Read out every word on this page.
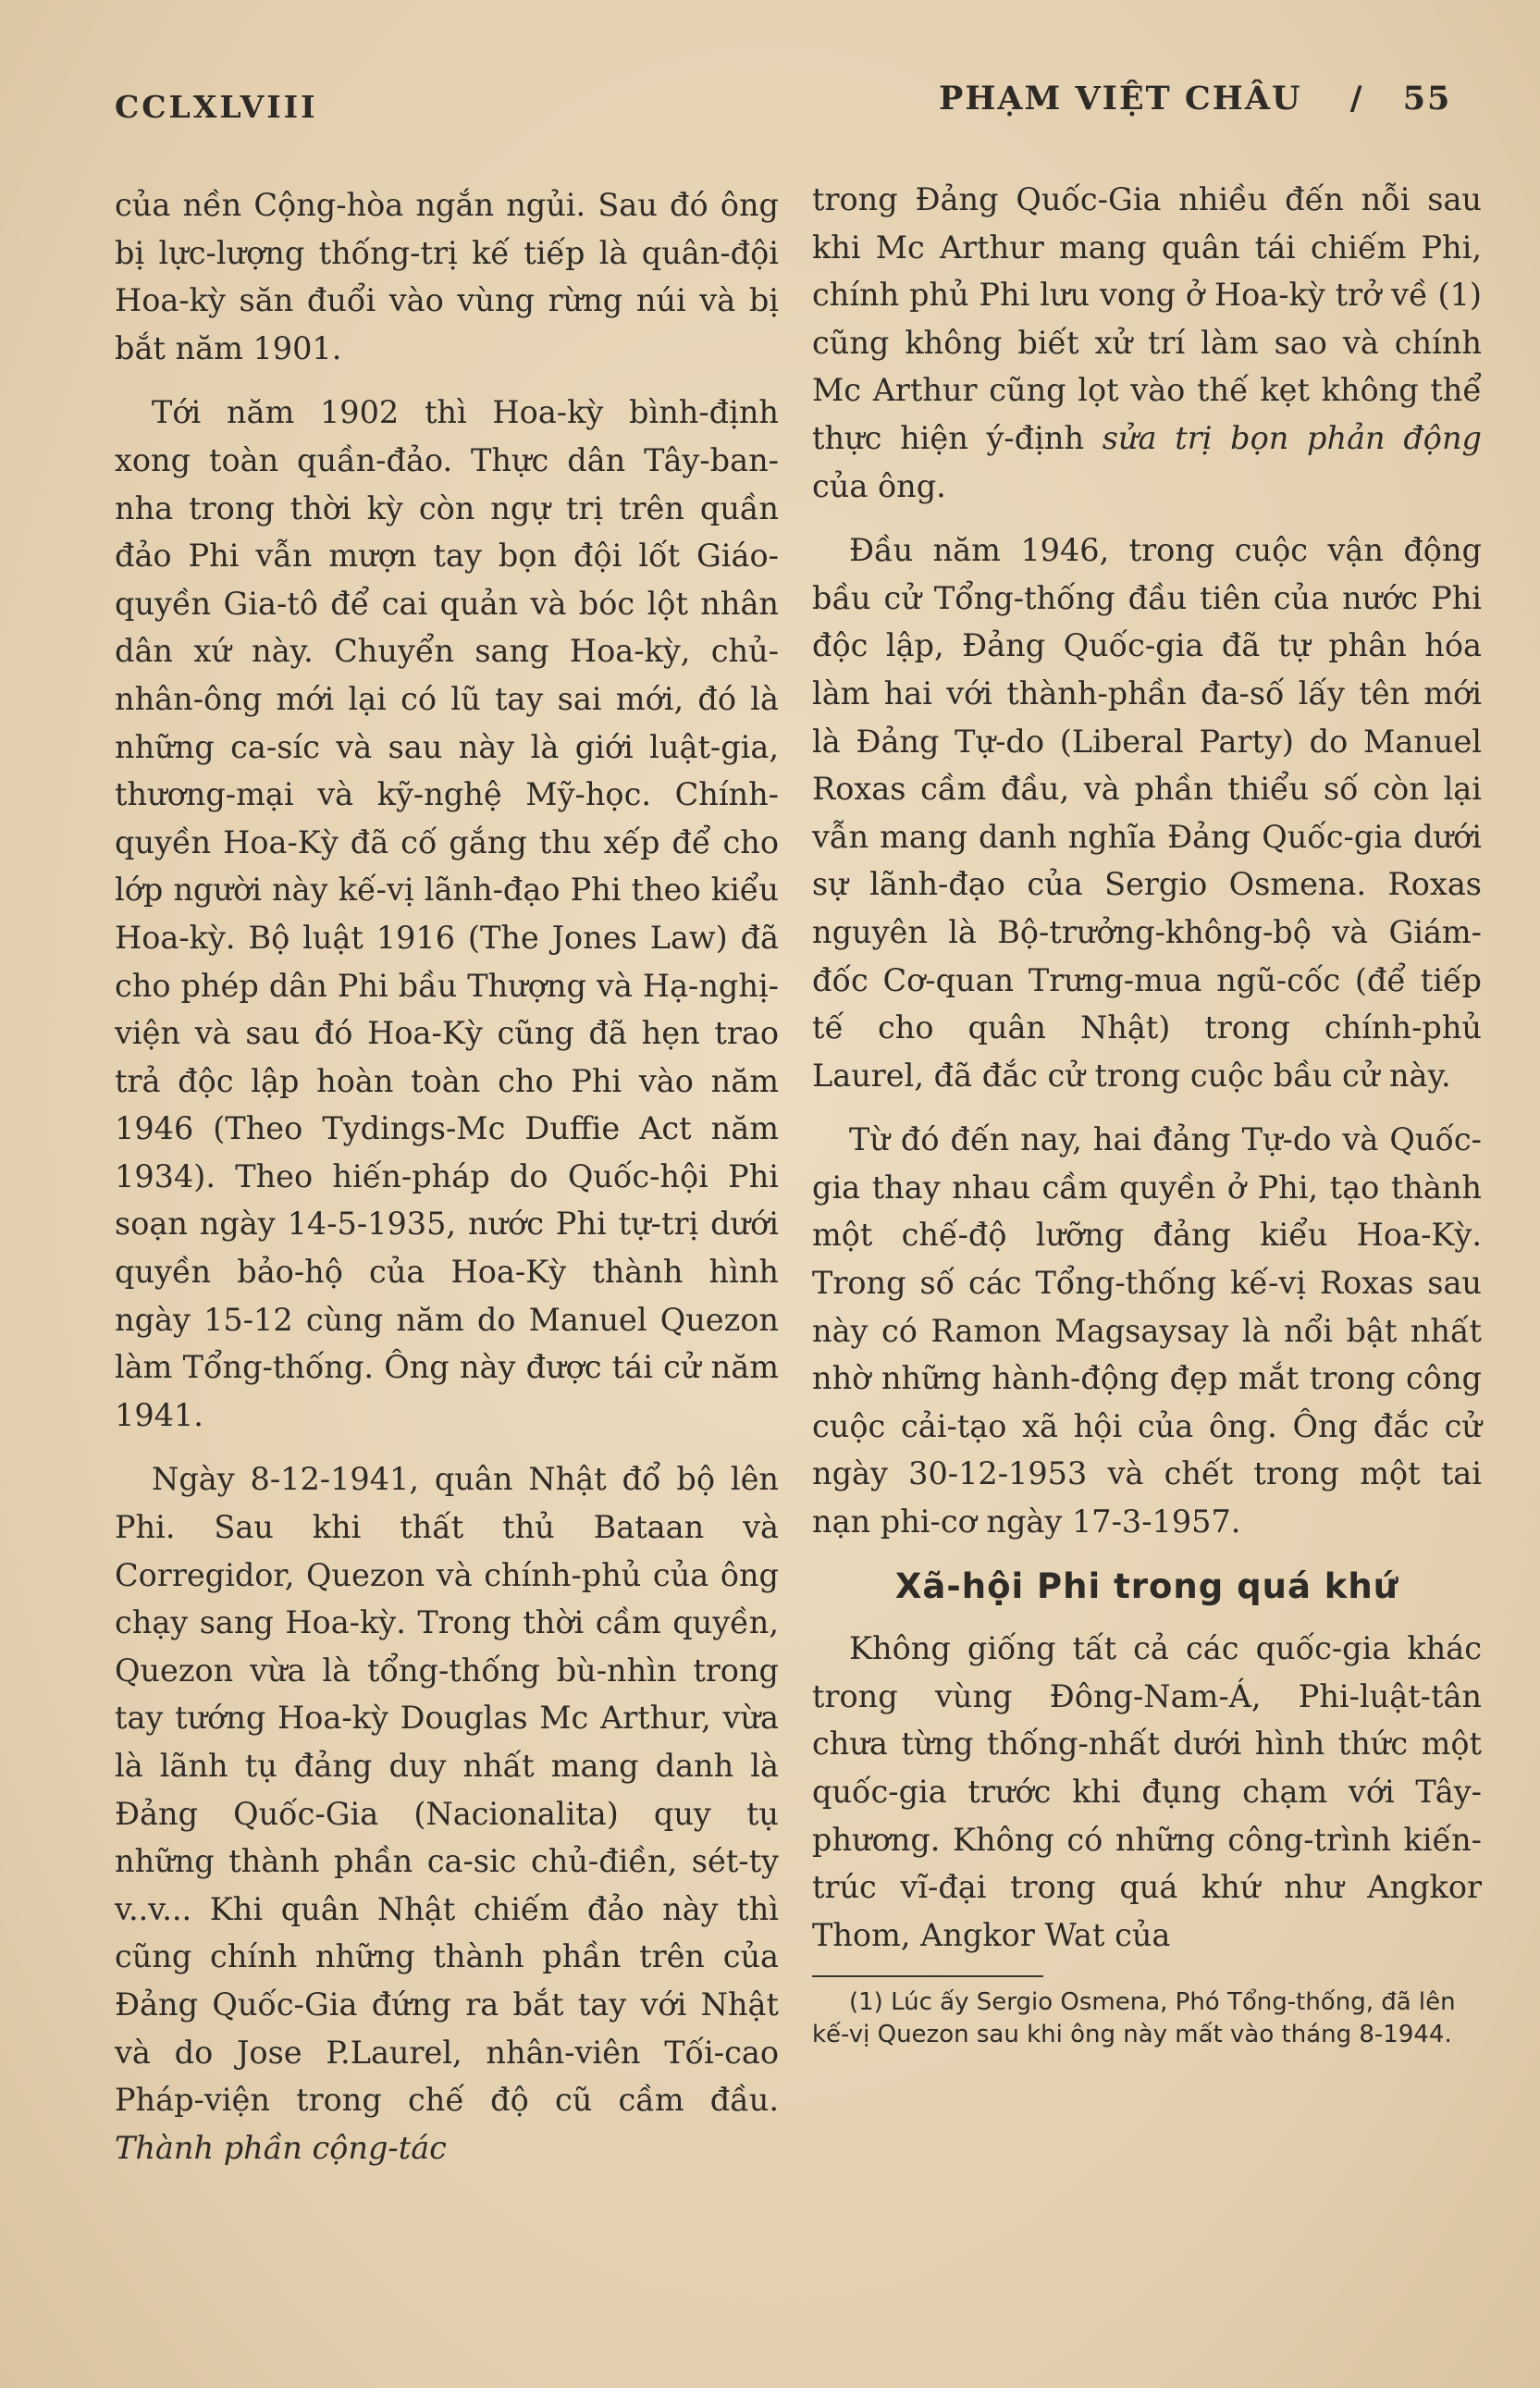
CCLXLVIII	PHẠM VIỆT CHÂU / 55

của nền Cộng-hòa ngắn ngủi. Sau đó ông bị lực-lượng thống-trị kế tiếp là quân-đội Hoa-kỳ săn đuổi vào vùng rừng núi và bị bắt năm 1901.

Tới năm 1902 thì Hoa-kỳ bình-định xong toàn quần-đảo. Thực dân Tây-ban-nha trong thời kỳ còn ngự trị trên quần đảo Phi vẫn mượn tay bọn đội lốt Giáo-quyền Gia-tô để cai quản và bóc lột nhân dân xứ này. Chuyển sang Hoa-kỳ, chủ-nhân-ông mới lại có lũ tay sai mới, đó là những ca-síc và sau này là giới luật-gia, thương-mại và kỹ-nghệ Mỹ-học. Chính-quyền Hoa-Kỳ đã cố gắng thu xếp để cho lớp người này kế-vị lãnh-đạo Phi theo kiểu Hoa-kỳ. Bộ luật 1916 (The Jones Law) đã cho phép dân Phi bầu Thượng và Hạ-nghị-viện và sau đó Hoa-Kỳ cũng đã hẹn trao trả độc lập hoàn toàn cho Phi vào năm 1946 (Theo Tydings-Mc Duffie Act năm 1934). Theo hiến-pháp do Quốc-hội Phi soạn ngày 14-5-1935, nước Phi tự-trị dưới quyền bảo-hộ của Hoa-Kỳ thành hình ngày 15-12 cùng năm do Manuel Quezon làm Tổng-thống. Ông này được tái cử năm 1941.

Ngày 8-12-1941, quân Nhật đổ bộ lên Phi. Sau khi thất thủ Bataan và Corregidor, Quezon và chính-phủ của ông chạy sang Hoa-kỳ. Trong thời cầm quyền, Quezon vừa là tổng-thống bù-nhìn trong tay tướng Hoa-kỳ Douglas Mc Arthur, vừa là lãnh tụ đảng duy nhất mang danh là Đảng Quốc-Gia (Nacionalita) quy tụ những thành phần ca-sic chủ-điền, sét-ty v..v... Khi quân Nhật chiếm đảo này thì cũng chính những thành phần trên của Đảng Quốc-Gia đứng ra bắt tay với Nhật và do Jose P.Laurel, nhân-viên Tối-cao Pháp-viện trong chế độ cũ cầm đầu. Thành phần cộng-tác

trong Đảng Quốc-Gia nhiều đến nỗi sau khi Mc Arthur mang quân tái chiếm Phi, chính phủ Phi lưu vong ở Hoa-kỳ trở về (1) cũng không biết xử trí làm sao và chính Mc Arthur cũng lọt vào thế kẹt không thể thực hiện ý-định sửa trị bọn phản động của ông.

Đầu năm 1946, trong cuộc vận động bầu cử Tổng-thống đầu tiên của nước Phi độc lập, Đảng Quốc-gia đã tự phân hóa làm hai với thành-phần đa-số lấy tên mới là Đảng Tự-do (Liberal Party) do Manuel Roxas cầm đầu, và phần thiểu số còn lại vẫn mang danh nghĩa Đảng Quốc-gia dưới sự lãnh-đạo của Sergio Osmena. Roxas nguyên là Bộ-trưởng-không-bộ và Giám-đốc Cơ-quan Trưng-mua ngũ-cốc (để tiếp tế cho quân Nhật) trong chính-phủ Laurel, đã đắc cử trong cuộc bầu cử này.

Từ đó đến nay, hai đảng Tự-do và Quốc-gia thay nhau cầm quyền ở Phi, tạo thành một chế-độ lưỡng đảng kiểu Hoa-Kỳ. Trong số các Tổng-thống kế-vị Roxas sau này có Ramon Magsaysay là nổi bật nhất nhờ những hành-động đẹp mắt trong công cuộc cải-tạo xã hội của ông. Ông đắc cử ngày 30-12-1953 và chết trong một tai nạn phi-cơ ngày 17-3-1957.

Xã-hội Phi trong quá khứ

Không giống tất cả các quốc-gia khác trong vùng Đông-Nam-Á, Phi-luật-tân chưa từng thống-nhất dưới hình thức một quốc-gia trước khi đụng chạm với Tây-phương. Không có những công-trình kiến-trúc vĩ-đại trong quá khứ như Angkor Thom, Angkor Wat của

(1) Lúc ấy Sergio Osmena, Phó Tổng-thống, đã lên kế-vị Quezon sau khi ông này mất vào tháng 8-1944.
